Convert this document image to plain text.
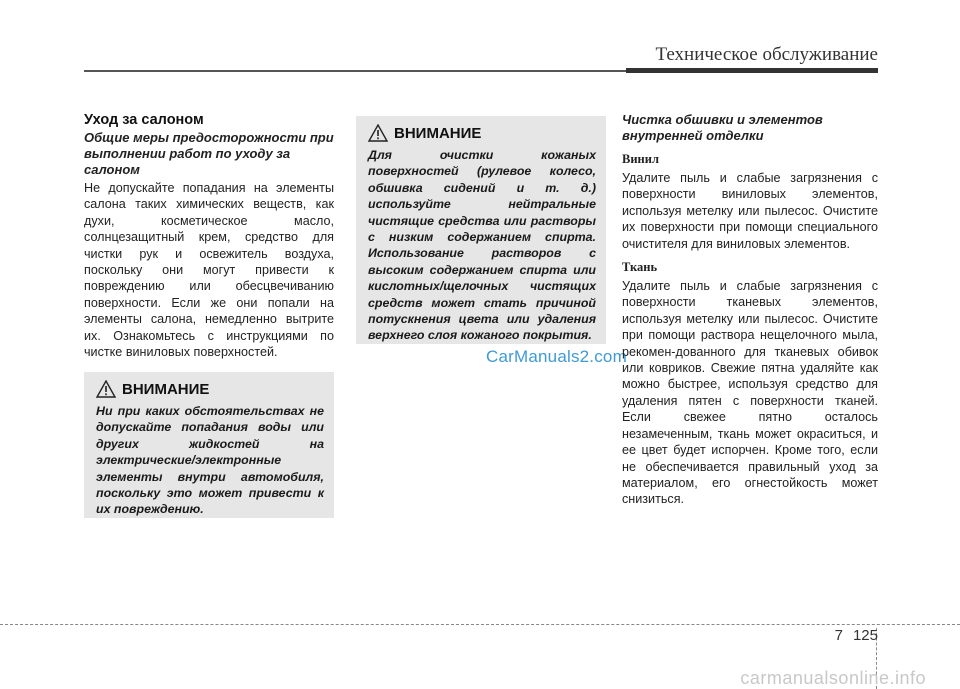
Техническое обслуживание
Уход за салоном

Общие меры предосторожности при выполнении работ по уходу за салоном

Не допускайте попадания на элементы салона таких химических веществ, как духи, косметическое масло, солнцезащитный крем, средство для чистки рук и освежитель воздуха, поскольку они могут привести к повреждению или обесцвечиванию поверхности. Если же они попали на элементы салона, немедленно вытрите их. Ознакомьтесь с инструкциями по чистке виниловых поверхностей.

ВНИМАНИЕ

Ни при каких обстоятельствах не допускайте попадания воды или других жидкостей на электрические/электронные элементы внутри автомобиля, поскольку это может привести к их повреждению.

ВНИМАНИЕ

Для очистки кожаных поверхностей (рулевое колесо, обшивка сидений и т. д.) используйте нейтральные чистящие средства или растворы с низким содержанием спирта. Использование растворов с высоким содержанием спирта или кислотных/щелочных чистящих средств может стать причиной потускнения цвета или удаления верхнего слоя кожаного покрытия.

CarManuals2.com

Чистка обшивки и элементов внутренней отделки

Винил

Удалите пыль и слабые загрязнения с поверхности виниловых элементов, используя метелку или пылесос. Очистите их поверхности при помощи специального очистителя для виниловых элементов.

Ткань

Удалите пыль и слабые загрязнения с поверхности тканевых элементов, используя метелку или пылесос. Очистите при помощи раствора нещелочного мыла, рекомен-дованного для тканевых обивок или ковриков. Свежие пятна удаляйте как можно быстрее, используя средство для удаления пятен с поверхности тканей. Если свежее пятно осталось незамеченным, ткань может окраситься, и ее цвет будет испорчен. Кроме того, если не обеспечивается правильный уход за материалом, его огнестойкость может снизиться.

7 125
carmanualsonline.info
